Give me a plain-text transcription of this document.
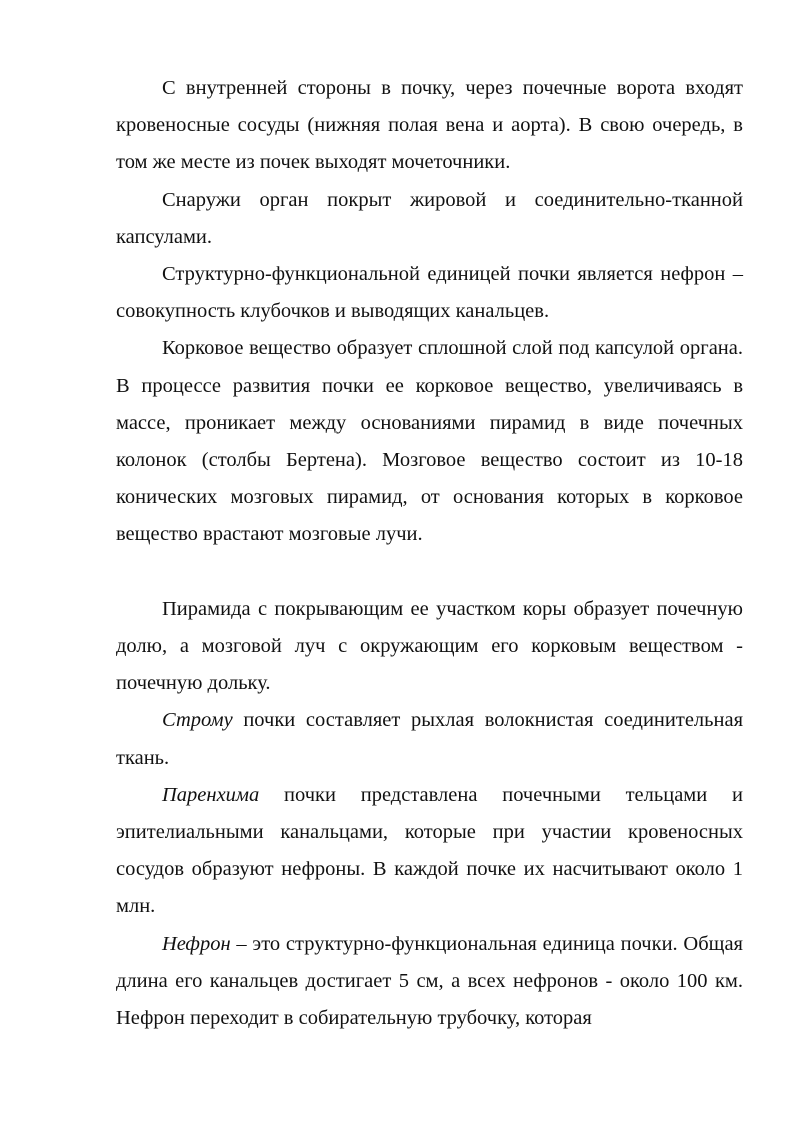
С внутренней стороны в почку, через почечные ворота входят кровеносные сосуды (нижняя полая вена и аорта). В свою очередь, в том же месте из почек выходят мочеточники.

Снаружи орган покрыт жировой и соединительно-тканной капсулами.

Структурно-функциональной единицей почки является нефрон – совокупность клубочков и выводящих канальцев.

Корковое вещество образует сплошной слой под капсулой органа. В процессе развития почки ее корковое вещество, увеличиваясь в массе, проникает между основаниями пирамид в виде почечных колонок (столбы Бертена). Мозговое вещество состоит из 10-18 конических мозговых пирамид, от основания которых в корковое вещество врастают мозговые лучи.

Пирамида с покрывающим ее участком коры образует почечную долю, а мозговой луч с окружающим его корковым веществом - почечную дольку.

Строму почки составляет рыхлая волокнистая соединительная ткань.

Паренхима почки представлена почечными тельцами и эпителиальными канальцами, которые при участии кровеносных сосудов образуют нефроны. В каждой почке их насчитывают около 1 млн.

Нефрон – это структурно-функциональная единица почки. Общая длина его канальцев достигает 5 см, а всех нефронов - около 100 км. Нефрон переходит в собирательную трубочку, которая
